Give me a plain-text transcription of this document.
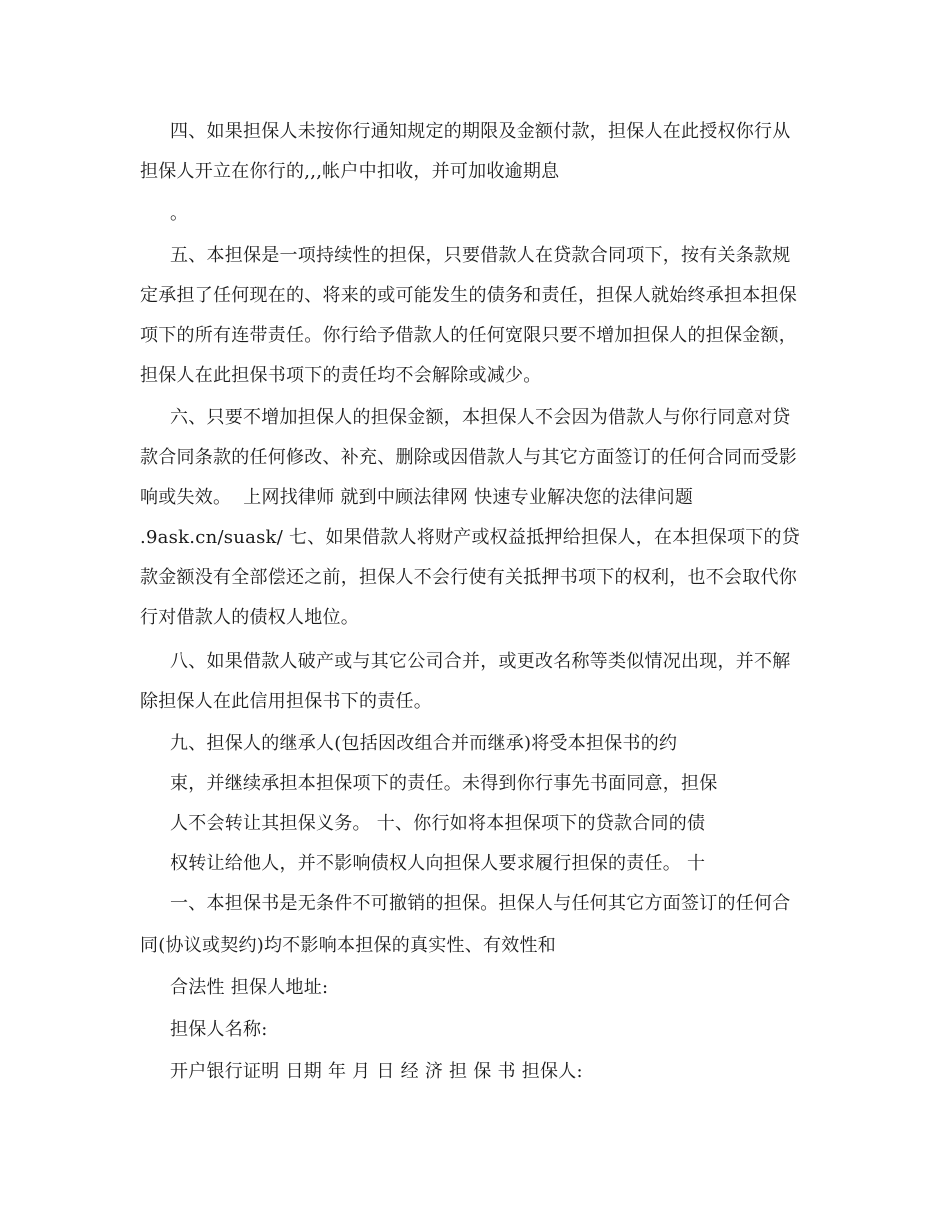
四、如果担保人未按你行通知规定的期限及金额付款，担保人在此授权你行从
担保人开立在你行的,,,帐户中扣收，并可加收逾期息
。
五、本担保是一项持续性的担保，只要借款人在贷款合同项下，按有关条款规
定承担了任何现在的、将来的或可能发生的债务和责任，担保人就始终承担本担保
项下的所有连带责任。你行给予借款人的任何宽限只要不增加担保人的担保金额，
担保人在此担保书项下的责任均不会解除或减少。
六、只要不增加担保人的担保金额，本担保人不会因为借款人与你行同意对贷
款合同条款的任何修改、补充、删除或因借款人与其它方面签订的任何合同而受影
响或失效。  上网找律师 就到中顾法律网 快速专业解决您的法律问题
.9ask.cn/suask/ 七、如果借款人将财产或权益抵押给担保人，在本担保项下的贷
款金额没有全部偿还之前，担保人不会行使有关抵押书项下的权利，也不会取代你
行对借款人的债权人地位。
八、如果借款人破产或与其它公司合并，或更改名称等类似情况出现，并不解
除担保人在此信用担保书下的责任。
九、担保人的继承人(包括因改组合并而继承)将受本担保书的约
束，并继续承担本担保项下的责任。未得到你行事先书面同意，担保
人不会转让其担保义务。 十、你行如将本担保项下的贷款合同的债
权转让给他人，并不影响债权人向担保人要求履行担保的责任。 十
一、本担保书是无条件不可撤销的担保。担保人与任何其它方面签订的任何合
同(协议或契约)均不影响本担保的真实性、有效性和
合法性 担保人地址:
担保人名称:
开户银行证明 日期 年 月 日 经 济 担 保 书 担保人:
